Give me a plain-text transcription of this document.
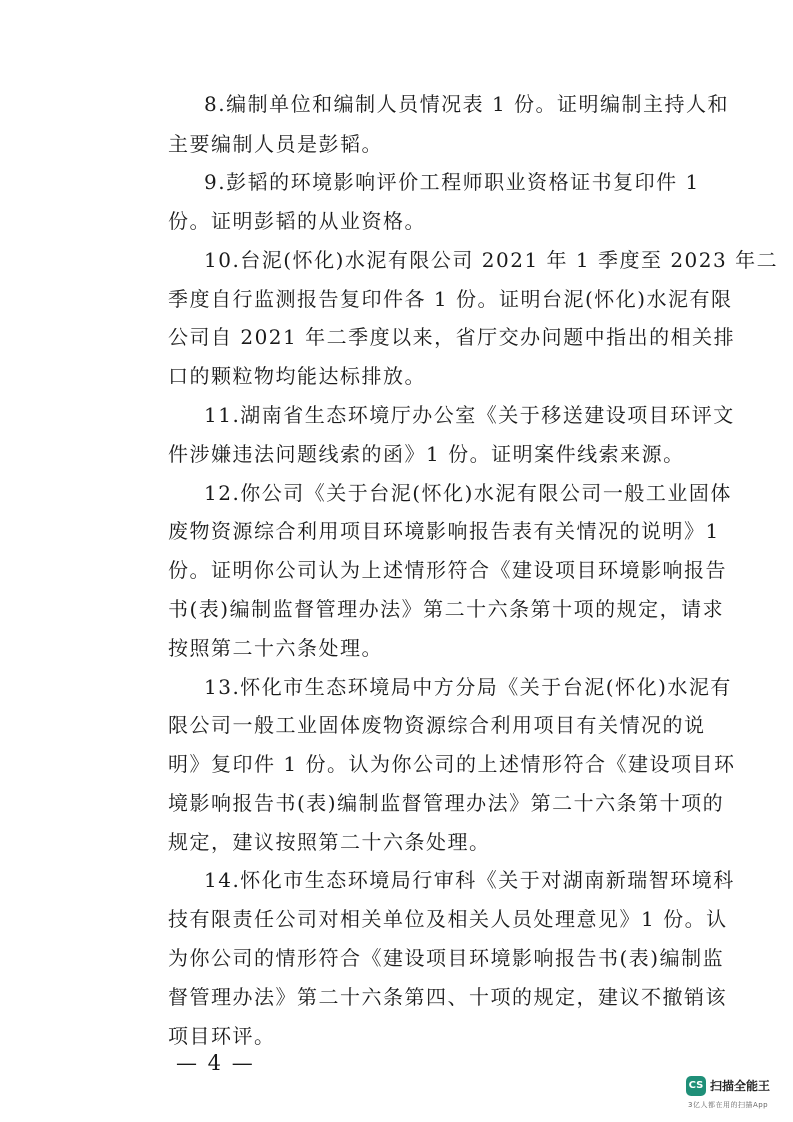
8.编制单位和编制人员情况表 1 份。证明编制主持人和
主要编制人员是彭韬。
9.彭韬的环境影响评价工程师职业资格证书复印件 1
份。证明彭韬的从业资格。
10.台泥(怀化)水泥有限公司 2021 年 1 季度至 2023 年二
季度自行监测报告复印件各 1 份。证明台泥(怀化)水泥有限
公司自 2021 年二季度以来，省厅交办问题中指出的相关排
口的颗粒物均能达标排放。
11.湖南省生态环境厅办公室《关于移送建设项目环评文
件涉嫌违法问题线索的函》1 份。证明案件线索来源。
12.你公司《关于台泥(怀化)水泥有限公司一般工业固体
废物资源综合利用项目环境影响报告表有关情况的说明》1
份。证明你公司认为上述情形符合《建设项目环境影响报告
书(表)编制监督管理办法》第二十六条第十项的规定，请求
按照第二十六条处理。
13.怀化市生态环境局中方分局《关于台泥(怀化)水泥有
限公司一般工业固体废物资源综合利用项目有关情况的说
明》复印件 1 份。认为你公司的上述情形符合《建设项目环
境影响报告书(表)编制监督管理办法》第二十六条第十项的
规定，建议按照第二十六条处理。
14.怀化市生态环境局行审科《关于对湖南新瑞智环境科
技有限责任公司对相关单位及相关人员处理意见》1 份。认
为你公司的情形符合《建设项目环境影响报告书(表)编制监
督管理办法》第二十六条第四、十项的规定，建议不撤销该
项目环评。
— 4 —
CS 扫描全能王
3亿人都在用的扫描App
